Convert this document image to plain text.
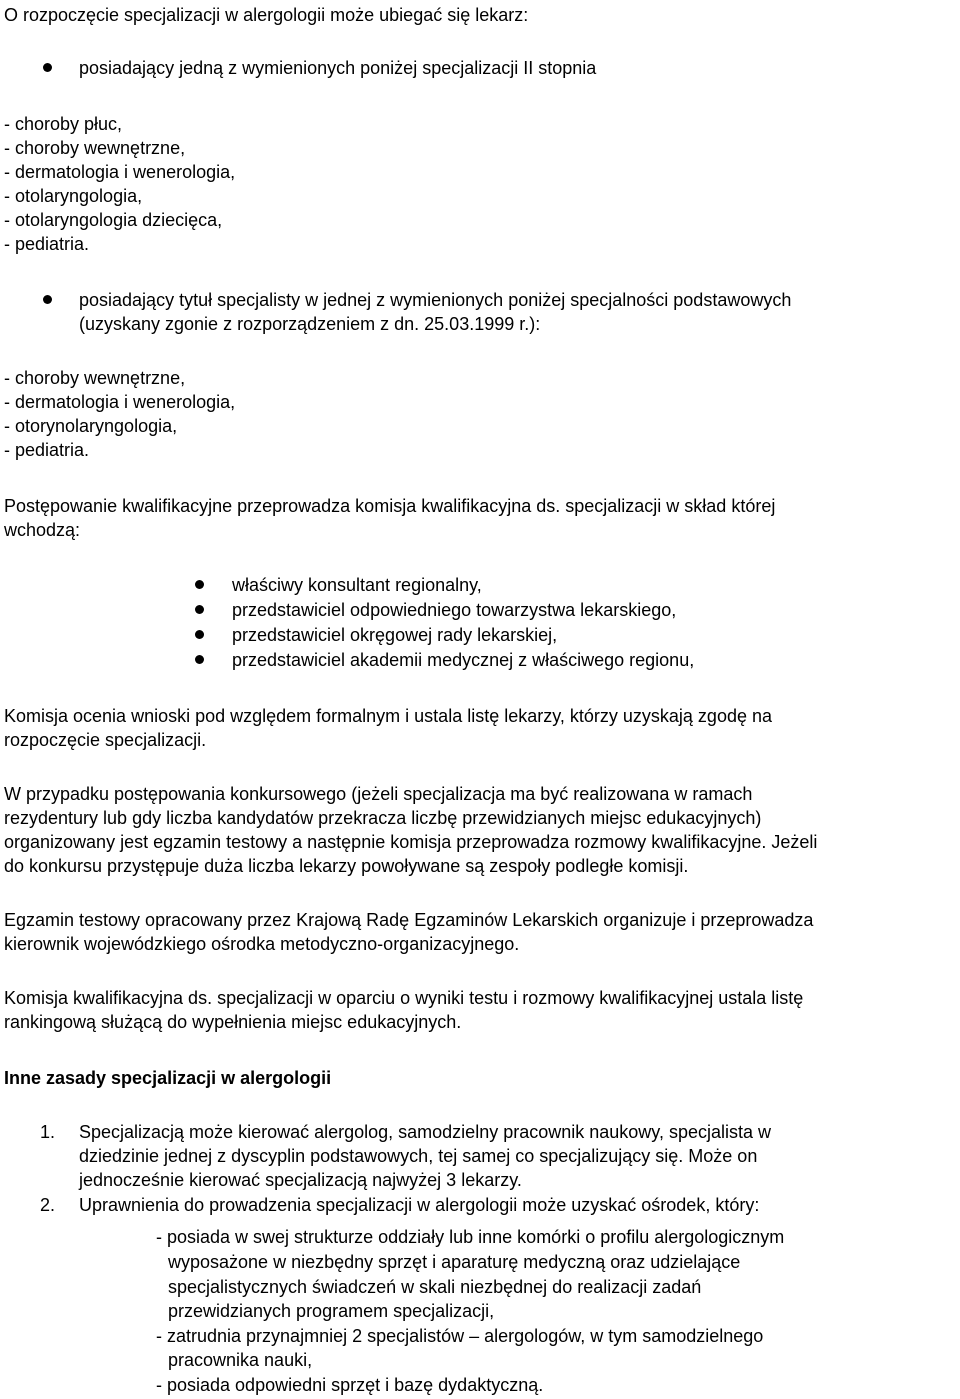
O rozpoczęcie specjalizacji w alergologii może ubiegać się lekarz:
posiadający jedną z wymienionych poniżej specjalizacji II stopnia
- choroby płuc,
- choroby wewnętrzne,
- dermatologia i wenerologia,
- otolaryngologia,
- otolaryngologia dziecięca,
- pediatria.
posiadający tytuł specjalisty w jednej z wymienionych poniżej specjalności podstawowych
(uzyskany zgonie z rozporządzeniem z dn. 25.03.1999 r.):
- choroby wewnętrzne,
- dermatologia i wenerologia,
- otorynolaryngologia,
- pediatria.
Postępowanie kwalifikacyjne przeprowadza komisja kwalifikacyjna ds. specjalizacji w skład której
wchodzą:
właściwy konsultant regionalny,
przedstawiciel odpowiedniego towarzystwa lekarskiego,
przedstawiciel okręgowej rady lekarskiej,
przedstawiciel akademii medycznej z właściwego regionu,
Komisja ocenia wnioski pod względem formalnym i ustala listę lekarzy, którzy uzyskają zgodę na
rozpoczęcie specjalizacji.
W przypadku postępowania konkursowego (jeżeli specjalizacja ma być realizowana w ramach
rezydentury lub gdy liczba kandydatów przekracza liczbę przewidzianych miejsc edukacyjnych)
organizowany jest egzamin testowy a następnie komisja przeprowadza rozmowy kwalifikacyjne. Jeżeli
do konkursu przystępuje duża liczba lekarzy powoływane są zespoły podległe komisji.
Egzamin testowy opracowany przez Krajową Radę Egzaminów Lekarskich organizuje i przeprowadza
kierownik wojewódzkiego ośrodka metodyczno-organizacyjnego.
Komisja kwalifikacyjna ds. specjalizacji w oparciu o wyniki testu i rozmowy kwalifikacyjnej ustala listę
rankingową służącą do wypełnienia miejsc edukacyjnych.
Inne zasady specjalizacji w alergologii
1. Specjalizacją może kierować alergolog, samodzielny pracownik naukowy, specjalista w
dziedzinie jednej z dyscyplin podstawowych, tej samej co specjalizujący się. Może on
jednocześnie kierować specjalizacją najwyżej 3 lekarzy.
2. Uprawnienia do prowadzenia specjalizacji w alergologii może uzyskać ośrodek, który:
- posiada w swej strukturze oddziały lub inne komórki o profilu alergologicznym
wyposażone w niezbędny sprzęt i aparaturę medyczną oraz udzielające
specjalistycznych świadczeń w skali niezbędnej do realizacji zadań
przewidzianych programem specjalizacji,
- zatrudnia przynajmniej 2 specjalistów – alergologów, w tym samodzielnego
pracownika nauki,
- posiada odpowiedni sprzęt i bazę dydaktyczną.
